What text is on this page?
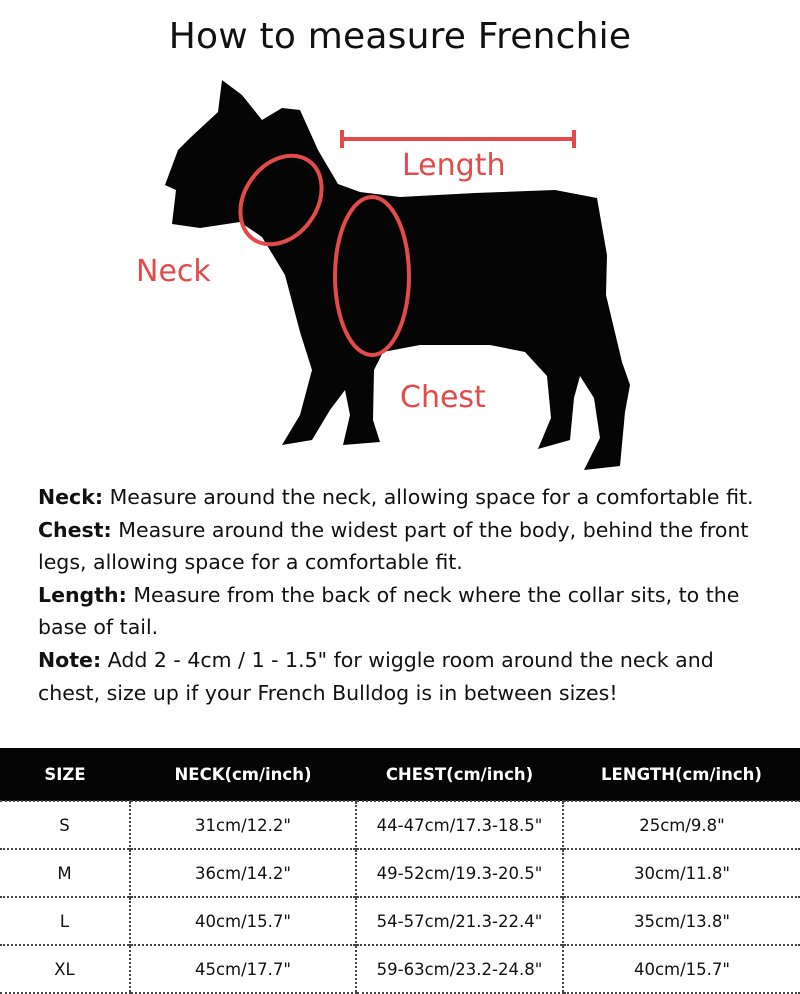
How to measure Frenchie
Length
Neck
Chest

Neck: Measure around the neck, allowing space for a comfortable fit.

Chest: Measure around the widest part of the body, behind the front legs, allowing space for a comfortable fit.

Length: Measure from the back of neck where the collar sits, to the base of tail.

Note: Add 2 - 4cm / 1 - 1.5" for wiggle room around the neck and chest, size up if your French Bulldog is in between sizes!

SIZE	NECK(cm/inch)	CHEST(cm/inch)	LENGTH(cm/inch)
S	31cm/12.2"	44-47cm/17.3-18.5"	25cm/9.8"
M	36cm/14.2"	49-52cm/19.3-20.5"	30cm/11.8"
L	40cm/15.7"	54-57cm/21.3-22.4"	35cm/13.8"
XL	45cm/17.7"	59-63cm/23.2-24.8"	40cm/15.7"
